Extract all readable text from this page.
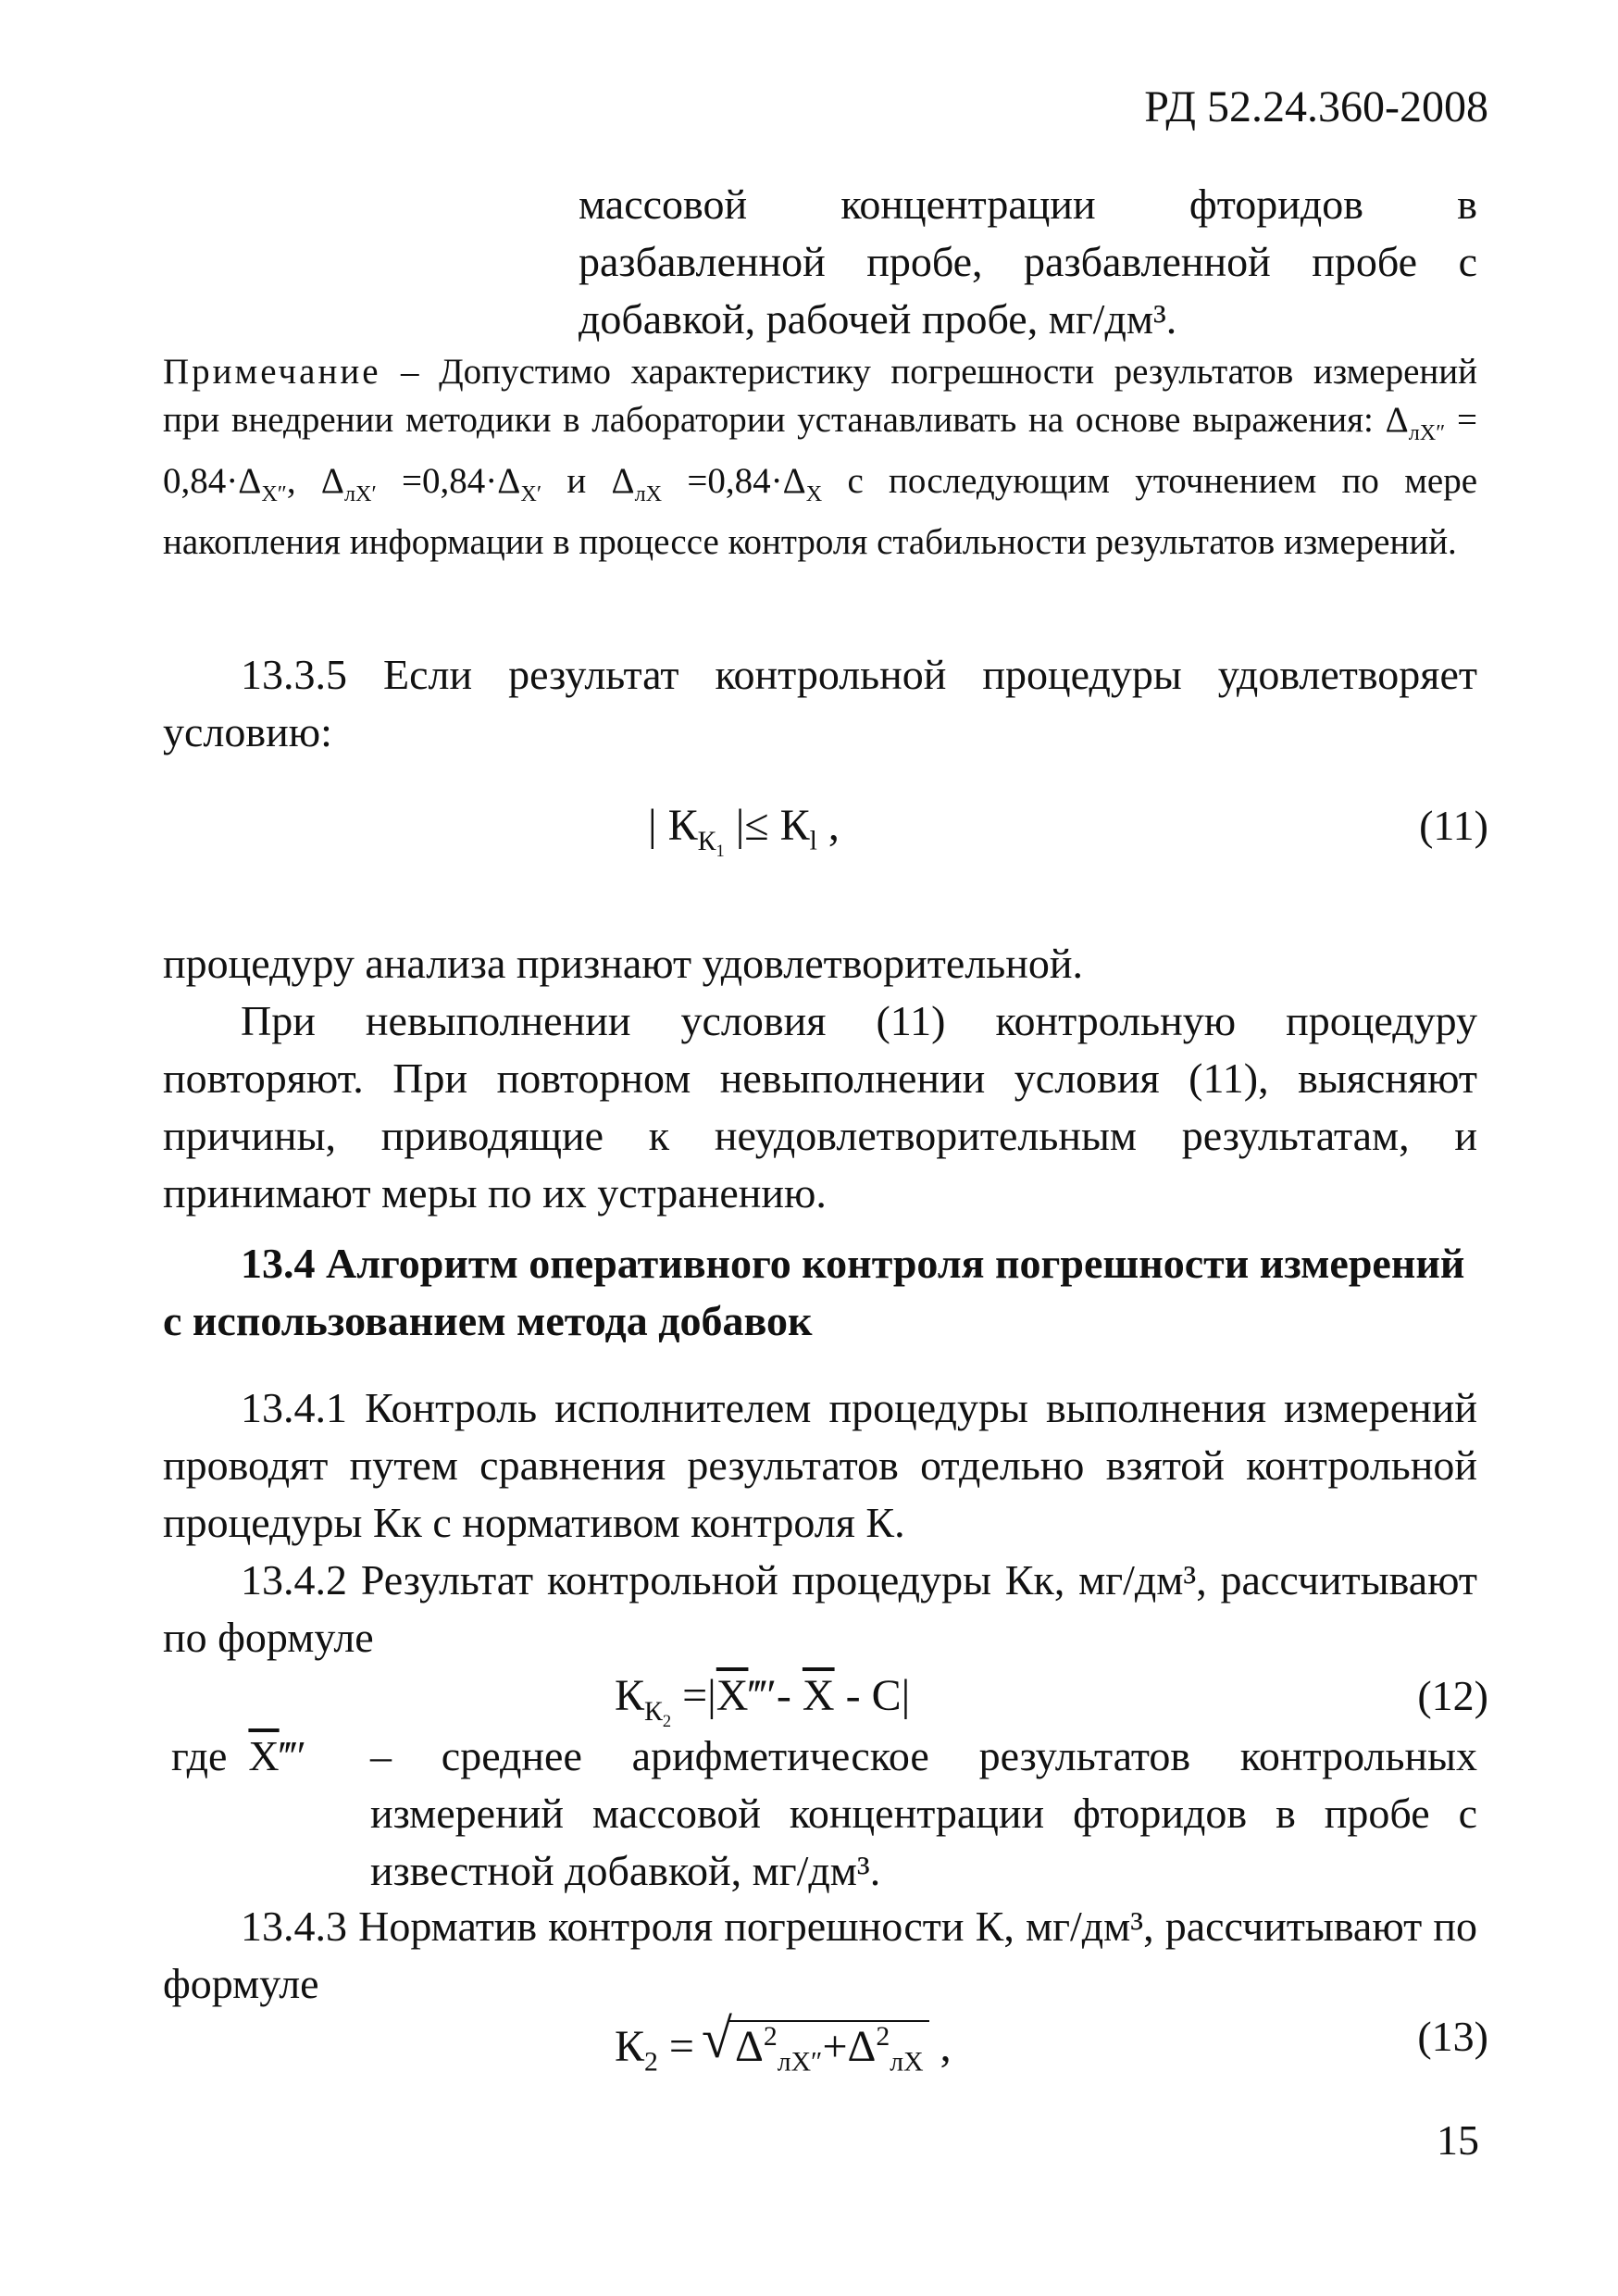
РД 52.24.360-2008

массовой концентрации фторидов в разбавленной пробе, разбавленной пробе с добавкой, рабочей пробе, мг/дм³.

Примечание – Допустимо характеристику погрешности результатов измерений при внедрении методики в лаборатории устанавливать на основе выражения: $\Delta_{лX''} = 0,84\cdot\Delta_{X''}$, $\Delta_{лX'} =0,84\cdot\Delta_{X'}$ и $\Delta_{лX} =0,84\cdot\Delta_X$ с последующим уточнением по мере накопления информации в процессе контроля стабильности результатов измерений.

13.3.5 Если результат контрольной процедуры удовлетворяет условию:

| $К_{К_1}$ |≤ $К_l$ ,	(11)

процедуру анализа признают удовлетворительной.

При невыполнении условия (11) контрольную процедуру повторяют. При повторном невыполнении условия (11), выясняют причины, приводящие к неудовлетворительным результатам, и принимают меры по их устранению.

13.4 Алгоритм оперативного контроля погрешности измерений с использованием метода добавок

13.4.1 Контроль исполнителем процедуры выполнения измерений проводят путем сравнения результатов отдельно взятой контрольной процедуры Кк с нормативом контроля К.

13.4.2 Результат контрольной процедуры Кк, мг/дм³, рассчитывают по формуле

$К_{К_2}$ $=|\overline{X}‴'-$ $\overline{X} - С|$	(12)
где $\overline{X}‴'$ – среднее арифметическое результатов контрольных измерений массовой концентрации фторидов в пробе с известной добавкой, мг/дм³.

13.4.3 Норматив контроля погрешности К, мг/дм³, рассчитывают по формуле

$К_2$ = √ $\Delta^2_{лX''}+\Delta^2_{лX}$ ,	(13)
15
